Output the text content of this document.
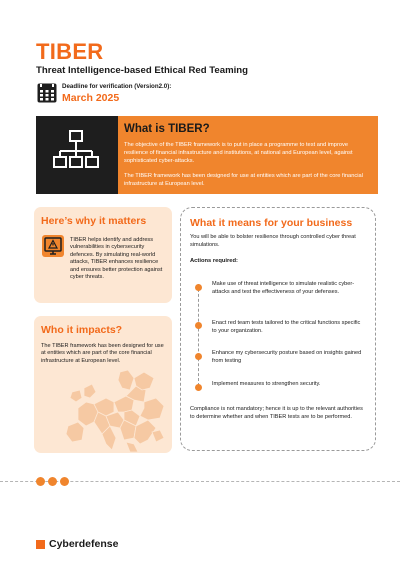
TIBER
Threat Intelligence-based Ethical Red Teaming
Deadline for verification (Version2.0):
March 2025
What is TIBER?

The objective of the TIBER framework is to put in place a programme to test and improve resilience of financial infrastructure and institutions, at national and European level, against sophisticated cyber-attacks.

The TIBER framework has been designed for use at entities which are part of the core financial infrastructure at European level.

Here’s why it matters

TIBER helps identify and address vulnerabilities in cybersecurity defences. By simulating real-world attacks, TIBER enhances resilience and ensures better protection against cyber threats.

Who it impacts?

The TIBER framework has been designed for use at entities which are part of the core financial infrastructure at European level.

What it means for your business

You will be able to bolster resilience through controlled cyber threat simulations.

Actions required:

Make use of threat intelligence to simulate realistic cyber-attacks and test the effectiveness of your defenses.

Enact red team tests tailored to the critical functions specific to your organization.

Enhance my cybersecurity posture based on insights gained from testing

Implement measures to strengthen security.

Compliance is not mandatory; hence it is up to the relevant authorities to determine whether and when TIBER tests are to be performed.

Cyberdefense
